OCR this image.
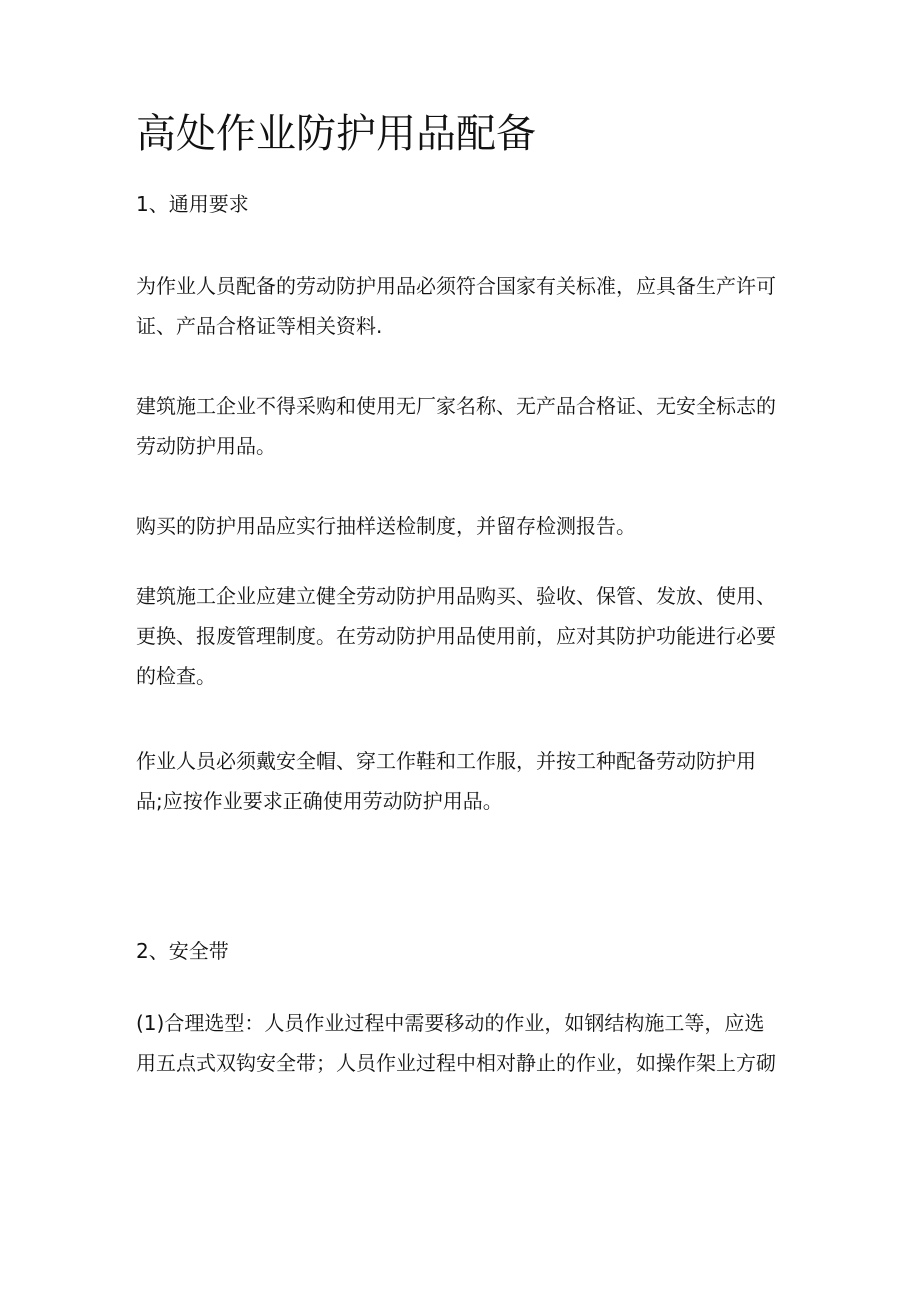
高处作业防护用品配备
1、通用要求

为作业人员配备的劳动防护用品必须符合国家有关标准，应具备生产许可
证、产品合格证等相关资料.

建筑施工企业不得采购和使用无厂家名称、无产品合格证、无安全标志的
劳动防护用品。

购买的防护用品应实行抽样送检制度，并留存检测报告。

建筑施工企业应建立健全劳动防护用品购买、验收、保管、发放、使用、
更换、报废管理制度。在劳动防护用品使用前，应对其防护功能进行必要
的检查。

作业人员必须戴安全帽、穿工作鞋和工作服，并按工种配备劳动防护用
品;应按作业要求正确使用劳动防护用品。

2、安全带

(1)合理选型：人员作业过程中需要移动的作业，如钢结构施工等，应选
用五点式双钩安全带；人员作业过程中相对静止的作业，如操作架上方砌
